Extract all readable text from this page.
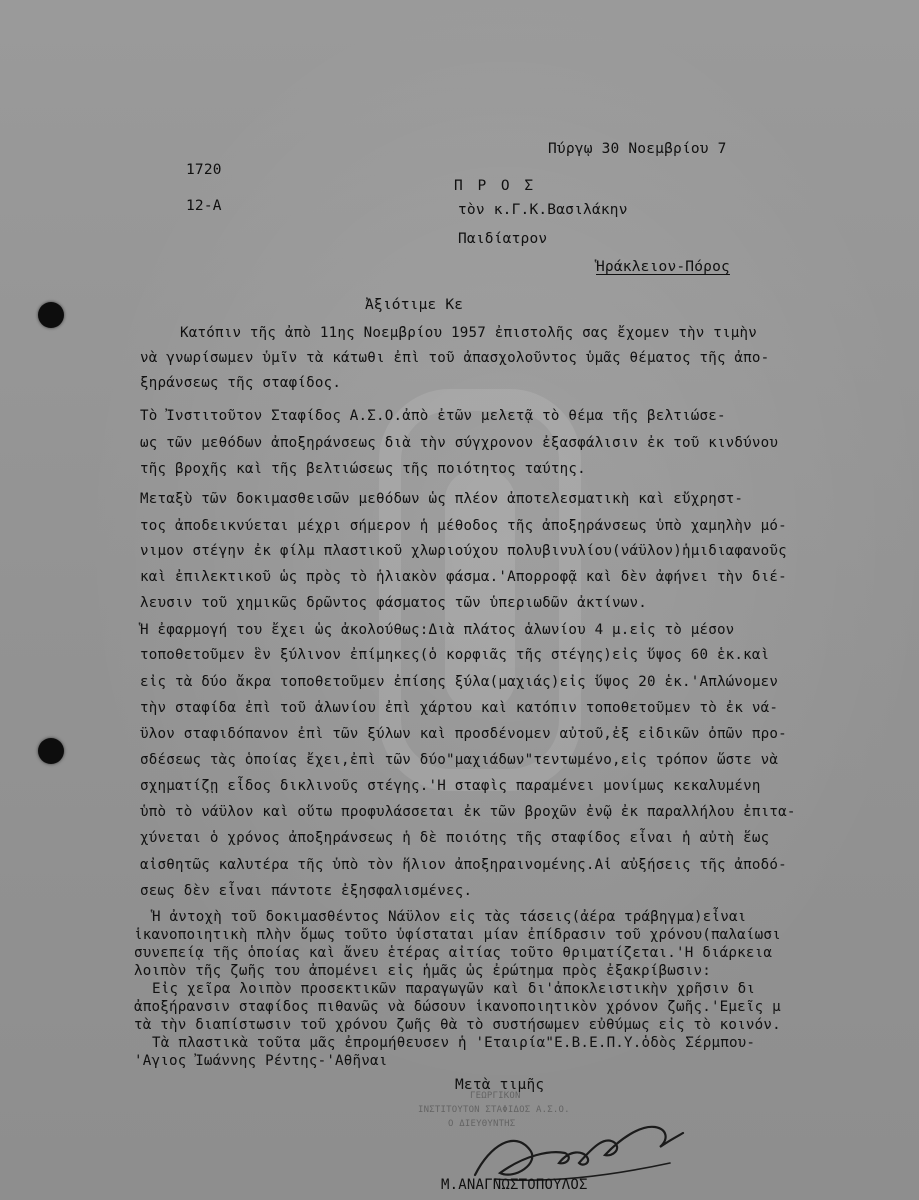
Πύργῳ 30 Νοεμβρίου 7
1720
12-A
Π Ρ Ο Σ
τὸν κ.Γ.Κ.Βασιλάκην
Παιδίατρον
Ἡράκλειον-Πόρος
Ἀξιότιμε Κε
Κατόπιν τῆς ἀπὸ 11ης Νοεμβρίου 1957 ἐπιστολῆς σας ἔχομεν τὴν τιμὴν
νὰ γνωρίσωμεν ὑμῖν τὰ κάτωθι ἐπὶ τοῦ ἀπασχολοῦντος ὑμᾶς θέματος τῆς ἀπο-
ξηράνσεως τῆς σταφίδος.
Τὸ Ἰνστιτοῦτον Σταφίδος Α.Σ.Ο.ἀπὸ ἐτῶν μελετᾷ τὸ θέμα τῆς βελτιώσε-
ως τῶν μεθόδων ἀποξηράνσεως διὰ τὴν σύγχρονον ἐξασφάλισιν ἐκ τοῦ κινδύνου
τῆς βροχῆς καὶ τῆς βελτιώσεως τῆς ποιότητος ταύτης.
Μεταξὺ τῶν δοκιμασθεισῶν μεθόδων ὡς πλέον ἀποτελεσματικὴ καὶ εὔχρηστ-
τος ἀποδεικνύεται μέχρι σήμερον ἡ μέθοδος τῆς ἀποξηράνσεως ὑπὸ χαμηλὴν μό-
νιμον στέγην ἐκ φίλμ πλαστικοῦ χλωριούχου πολυβινυλίου(νάϋλον)ἡμιδιαφανοῦς
καὶ ἐπιλεκτικοῦ ὡς πρὸς τὸ ἡλιακὸν φάσμα.'Απορροφᾷ καὶ δὲν ἀφήνει τὴν διέ-
λευσιν τοῦ χημικῶς δρῶντος φάσματος τῶν ὑπεριωδῶν ἀκτίνων.
Ἡ ἐφαρμογή του ἔχει ὡς ἀκολούθως:Διὰ πλάτος ἁλωνίου 4 μ.εἰς τὸ μέσον
τοποθετοῦμεν ἓν ξύλινον ἐπίμηκες(ὁ κορφιᾶς τῆς στέγης)εἰς ὕψος 60 ἑκ.καὶ
εἰς τὰ δύο ἄκρα τοποθετοῦμεν ἐπίσης ξύλα(μαχιάς)εἰς ὕψος 20 ἑκ.'Απλώνομεν
τὴν σταφίδα ἐπὶ τοῦ ἁλωνίου ἐπὶ χάρτου καὶ κατόπιν τοποθετοῦμεν τὸ ἐκ νά-
ϋλον σταφιδόπανον ἐπὶ τῶν ξύλων καὶ προσδένομεν αὐτοῦ,ἐξ εἰδικῶν ὀπῶν προ-
σδέσεως τὰς ὁποίας ἔχει,ἐπὶ τῶν δύο"μαχιάδων"τεντωμένο,εἰς τρόπον ὥστε νὰ
σχηματίζῃ εἶδος δικλινοῦς στέγης.'Η σταφὶς παραμένει μονίμως κεκαλυμένη
ὑπὸ τὸ νάϋλον καὶ οὕτω προφυλάσσεται ἐκ τῶν βροχῶν ἐνῷ ἐκ παραλλήλου ἐπιτα-
χύνεται ὁ χρόνος ἀποξηράνσεως ἡ δὲ ποιότης τῆς σταφίδος εἶναι ἡ αὐτὴ ἕως
αἰσθητῶς καλυτέρα τῆς ὑπὸ τὸν ἥλιον ἀποξηραινομένης.Αἱ αὐξήσεις τῆς ἀποδό-
σεως δὲν εἶναι πάντοτε ἐξησφαλισμένες.
Ἡ ἀντοχὴ τοῦ δοκιμασθέντος Νάϋλον εἰς τὰς τάσεις(ἀέρα τράβηγμα)εἶναι
ἱκανοποιητικὴ πλὴν ὅμως τοῦτο ὑφίσταται μίαν ἐπίδρασιν τοῦ χρόνου(παλαίωσι
συνεπείᾳ τῆς ὁποίας καὶ ἄνευ ἑτέρας αἰτίας τοῦτο θριματίζεται.'Η διάρκεια
λοιπὸν τῆς ζωῆς του ἀπομένει εἰς ἡμᾶς ὡς ἐρώτημα πρὸς ἐξακρίβωσιν:
Εἰς χεῖρα λοιπὸν προσεκτικῶν παραγωγῶν καὶ δι'ἀποκλειστικὴν χρῆσιν δι
ἀποξήρανσιν σταφίδος πιθανῶς νὰ δώσουν ἱκανοποιητικὸν χρόνον ζωῆς.'Εμεῖς μ
τὰ τὴν διαπίστωσιν τοῦ χρόνου ζωῆς θὰ τὸ συστήσωμεν εὐθύμως εἰς τὸ κοινόν.
Τὰ πλαστικὰ τοῦτα μᾶς ἐπρομήθευσεν ἡ 'Εταιρία"Ε.Β.Ε.Π.Υ.ὁδὸς Σέρμπου-
'Αγιος Ἰωάννης Ρέντης-'Αθῆναι
Μετὰ τιμῆς
ΓΕΩΡΓΙΚΟΝ
ΙΝΣΤΙΤΟΥΤΟΝ ΣΤΑΦΙΔΟΣ Α.Σ.Ο.
Ο ΔΙΕΥΘΥΝΤΗΣ
Μ.ΑΝΑΓΝΩΣΤΟΠΟΥΛΟΣ
